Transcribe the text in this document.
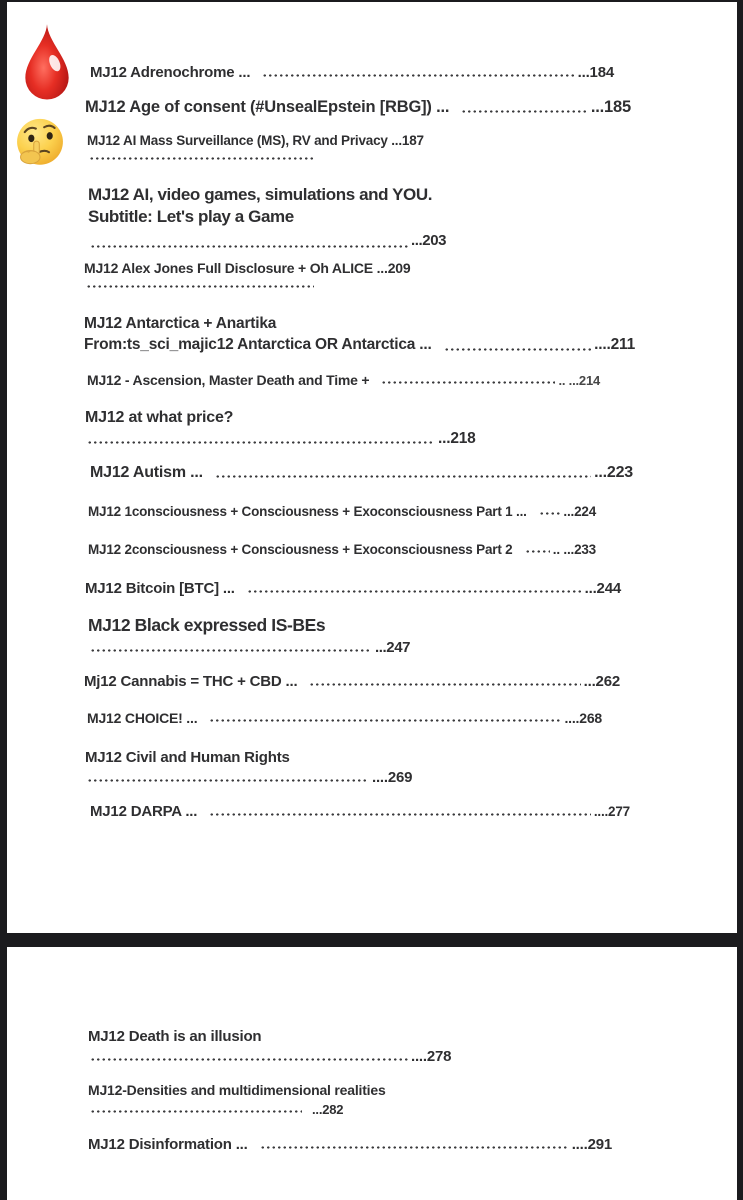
MJ12 Adrenochrome ...	...184
MJ12 Age of consent (#UnsealEpstein [RBG]) ...	...185
MJ12 AI Mass Surveillance (MS), RV and Privacy ...187
MJ12 AI, video games, simulations and YOU.
Subtitle: Let's play a Game
...203
MJ12 Alex Jones Full Disclosure + Oh ALICE ...209
MJ12 Antarctica + Anartika
From:ts_sci_majic12 Antarctica OR Antarctica ...	....211
MJ12 - Ascension, Master Death and Time +	.. ...214
MJ12 at what price?
...218
MJ12 Autism ...	...223
MJ12 1consciousness + Consciousness + Exoconsciousness Part 1 ...	...224
MJ12 2consciousness + Consciousness + Exoconsciousness Part 2	.. ...233
MJ12 Bitcoin [BTC] ...	...244
MJ12 Black expressed IS-BEs
...247
Mj12 Cannabis = THC + CBD ...	...262
MJ12 CHOICE! ...	....268
MJ12 Civil and Human Rights
....269
MJ12 DARPA ...	....277
MJ12 Death is an illusion
....278
MJ12-Densities and multidimensional realities
...282
MJ12 Disinformation ...	....291
